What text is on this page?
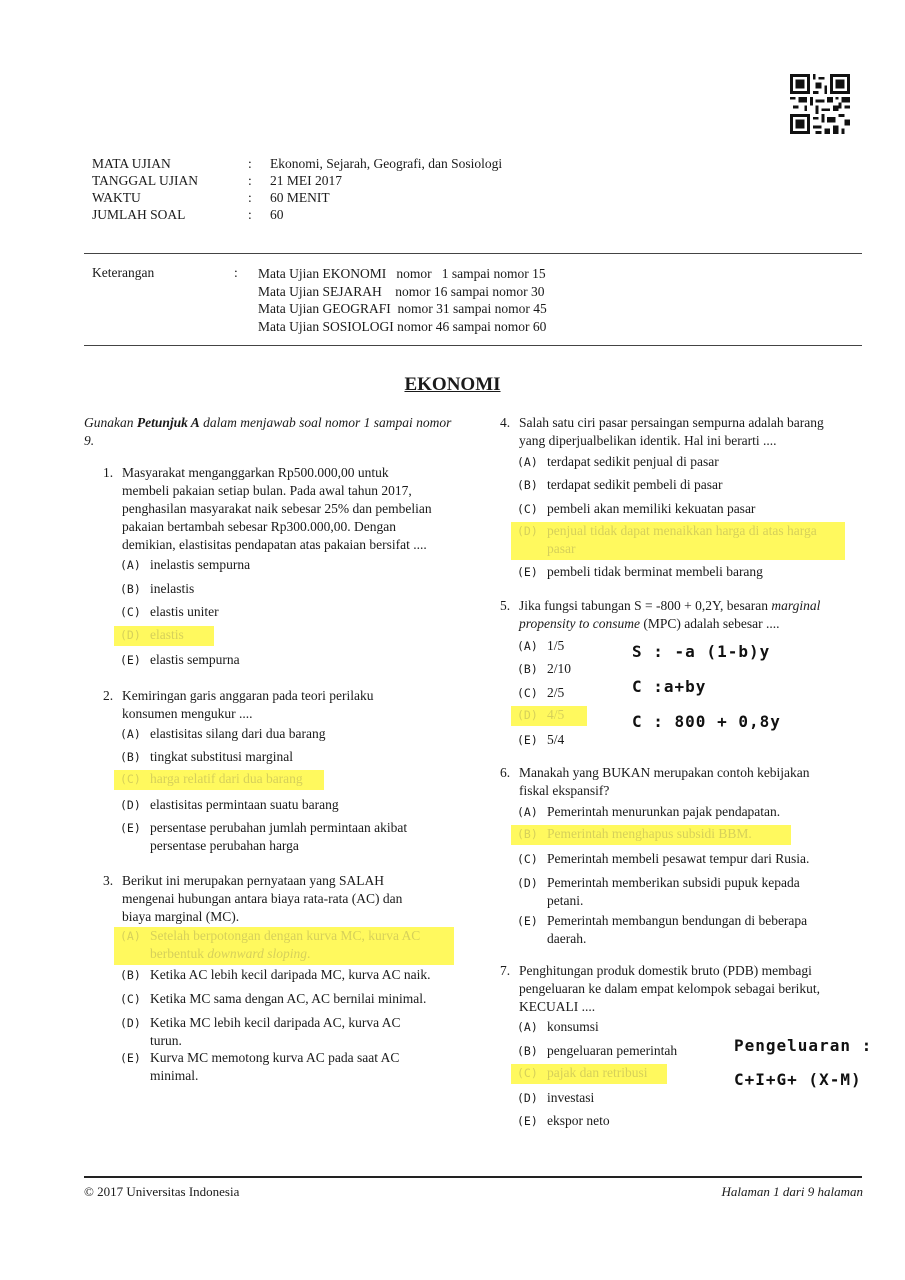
MATA UJIAN	: Ekonomi, Sejarah, Geografi, dan Sosiologi
TANGGAL UJIAN	: 21 MEI 2017
WAKTU	: 60 MENIT
JUMLAH SOAL	: 60
Keterangan	: Mata Ujian EKONOMI   nomor   1 sampai nomor 15
Mata Ujian SEJARAH    nomor 16 sampai nomor 30
Mata Ujian GEOGRAFI  nomor 31 sampai nomor 45
Mata Ujian SOSIOLOGI nomor 46 sampai nomor 60
EKONOMI
Gunakan Petunjuk A dalam menjawab soal nomor 1 sampai nomor 9.
1. Masyarakat menganggarkan Rp500.000,00 untuk
membeli pakaian setiap bulan. Pada awal tahun 2017,
penghasilan masyarakat naik sebesar 25% dan pembelian
pakaian bertambah sebesar Rp300.000,00. Dengan
demikian, elastisitas pendapatan atas pakaian bersifat ....
(A) inelastis sempurna
(B) inelastis
(C) elastis uniter
(D) elastis
(E) elastis sempurna
2. Kemiringan garis anggaran pada teori perilaku
konsumen mengukur ....
(A) elastisitas silang dari dua barang
(B) tingkat substitusi marginal
(C) harga relatif dari dua barang
(D) elastisitas permintaan suatu barang
(E) persentase perubahan jumlah permintaan akibat
persentase perubahan harga
3. Berikut ini merupakan pernyataan yang SALAH
mengenai hubungan antara biaya rata-rata (AC) dan
biaya marginal (MC).
(A) Setelah berpotongan dengan kurva MC, kurva AC
berbentuk downward sloping.
(B) Ketika AC lebih kecil daripada MC, kurva AC naik.
(C) Ketika MC sama dengan AC, AC bernilai minimal.
(D) Ketika MC lebih kecil daripada AC, kurva AC
turun.
(E) Kurva MC memotong kurva AC pada saat AC
minimal.
4. Salah satu ciri pasar persaingan sempurna adalah barang
yang diperjualbelikan identik. Hal ini berarti ....
(A) terdapat sedikit penjual di pasar
(B) terdapat sedikit pembeli di pasar
(C) pembeli akan memiliki kekuatan pasar
(D) penjual tidak dapat menaikkan harga di atas harga
pasar
(E) pembeli tidak berminat membeli barang
5. Jika fungsi tabungan S = -800 + 0,2Y, besaran marginal
propensity to consume (MPC) adalah sebesar ....
(A) 1/5
(B) 2/10
(C) 2/5
(D) 4/5
(E) 5/4
S : -a (1-b)y
C :a+by
C : 800 + 0,8y
6. Manakah yang BUKAN merupakan contoh kebijakan
fiskal ekspansif?
(A) Pemerintah menurunkan pajak pendapatan.
(B) Pemerintah menghapus subsidi BBM.
(C) Pemerintah membeli pesawat tempur dari Rusia.
(D) Pemerintah memberikan subsidi pupuk kepada
petani.
(E) Pemerintah membangun bendungan di beberapa
daerah.
7. Penghitungan produk domestik bruto (PDB) membagi
pengeluaran ke dalam empat kelompok sebagai berikut,
KECUALI ....
(A) konsumsi
(B) pengeluaran pemerintah
(C) pajak dan retribusi
(D) investasi
(E) ekspor neto
Pengeluaran :
C+I+G+ (X-M)
© 2017 Universitas Indonesia	Halaman 1 dari 9 halaman
